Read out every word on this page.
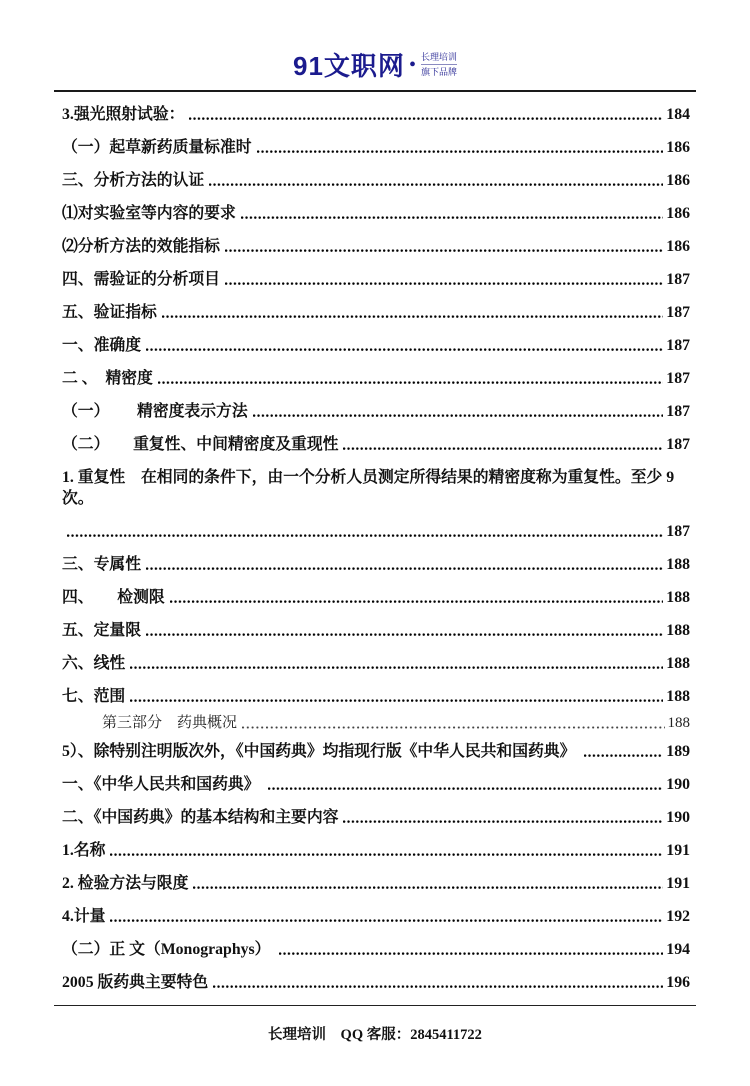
91文职网 • 长理培训
旗下品牌
3.强光照射试验：	184
（一）起草新药质量标准时	186
三、分析方法的认证	186
⑴对实验室等内容的要求	186
⑵分析方法的效能指标	186
四、需验证的分析项目	187
五、验证指标	187
一、准确度	187
二 、　精密度	187
（一）　　 精密度表示方法	187
（二）　　重复性、中间精密度及重现性	187
1. 重复性　在相同的条件下，由一个分析人员测定所得结果的精密度称为重复性。至少 9 次。
187
三、专属性	188
四、　　检测限	188
五、定量限	188
六、线性	188
七、范围	188
第三部分　药典概况	188
5）、除特别注明版次外，《中国药典》均指现行版《中华人民共和国药典》	189
一、《中华人民共和国药典》	190
二、《中国药典》的基本结构和主要内容	190
1.名称	191
2. 检验方法与限度	191
4.计量	192
（二）正 文（Monographys）	194
2005 版药典主要特色	196
长理培训　QQ 客服：2845411722
